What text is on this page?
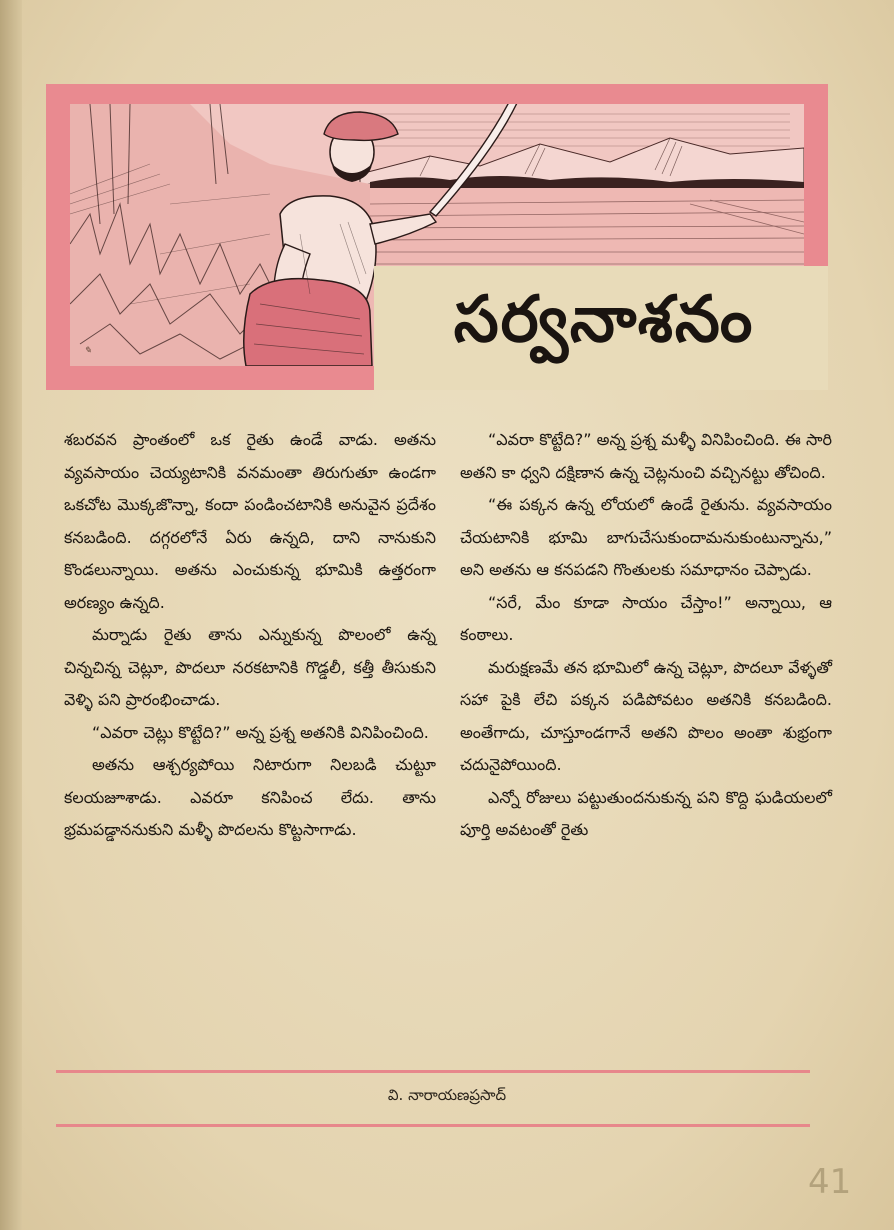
సర్వనాశనం

శబరవన ప్రాంతంలో ఒక రైతు ఉండే వాడు. అతను వ్యవసాయం చెయ్యటానికి వనమంతా తిరుగుతూ ఉండగా ఒకచోట మొక్కజొన్నా, కందా పండించటానికి అనువైన ప్రదేశం కనబడింది. దగ్గరలోనే ఏరు ఉన్నది, దాని నానుకుని కొండలున్నాయి. అతను ఎంచుకున్న భూమికి ఉత్తరంగా అరణ్యం ఉన్నది.

మర్నాడు రైతు తాను ఎన్నుకున్న పొలంలో ఉన్న చిన్నచిన్న చెట్లూ, పొదలూ నరకటానికి గొడ్డలీ, కత్తీ తీసుకుని వెళ్ళి పని ప్రారంభించాడు.

“ఎవరా చెట్లు కొట్టేది?” అన్న ప్రశ్న అతనికి వినిపించింది.

అతను ఆశ్చర్యపోయి నిటారుగా నిలబడి చుట్టూ కలయజూశాడు. ఎవరూ కనిపించ లేదు. తాను భ్రమపడ్డాననుకుని మళ్ళీ పొదలను కొట్టసాగాడు.

“ఎవరా కొట్టేది?” అన్న ప్రశ్న మళ్ళీ వినిపించింది. ఈ సారి అతని కా ధ్వని దక్షిణాన ఉన్న చెట్లనుంచి వచ్చినట్టు తోచింది.

“ఈ పక్కన ఉన్న లోయలో ఉండే రైతును. వ్యవసాయం చేయటానికి భూమి బాగుచేసుకుందామనుకుంటున్నాను,” అని అతను ఆ కనపడని గొంతులకు సమాధానం చెప్పాడు.

“సరే, మేం కూడా సాయం చేస్తాం!” అన్నాయి, ఆ కంఠాలు.

మరుక్షణమే తన భూమిలో ఉన్న చెట్లూ, పొదలూ వేళ్ళతో సహా పైకి లేచి పక్కన పడిపోవటం అతనికి కనబడింది. అంతేగాదు, చూస్తూండగానే అతని పొలం అంతా శుభ్రంగా చదునైపోయింది.

ఎన్నో రోజులు పట్టుతుందనుకున్న పని కొద్ది ఘడియలలో పూర్తి అవటంతో రైతు

వి. నారాయణప్రసాద్
✎
41
